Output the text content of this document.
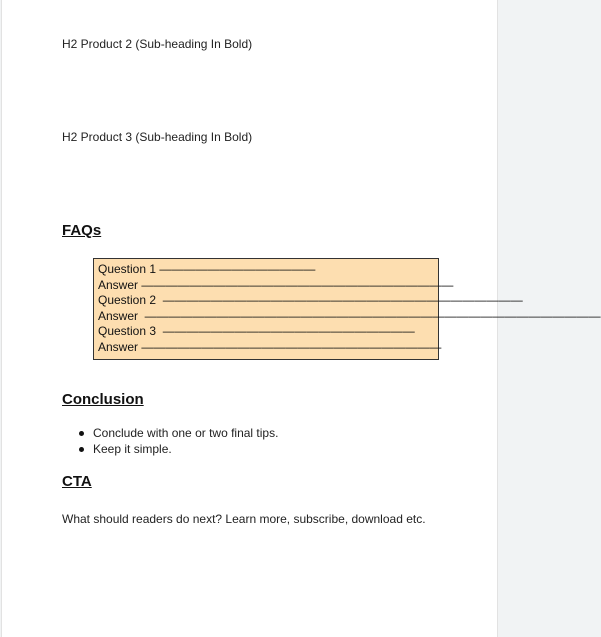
H2 Product 2 (Sub-heading In Bold)
H2 Product 3 (Sub-heading In Bold)
FAQs
Question 1 —————————————
Answer ——————————————————————————
Question 2  ——————————————————————————————
Answer  ——————————————————————————————————————
Question 3  —————————————————————
Answer —————————————————————————
Conclusion
Conclude with one or two final tips.
Keep it simple.
CTA
What should readers do next? Learn more, subscribe, download etc.
